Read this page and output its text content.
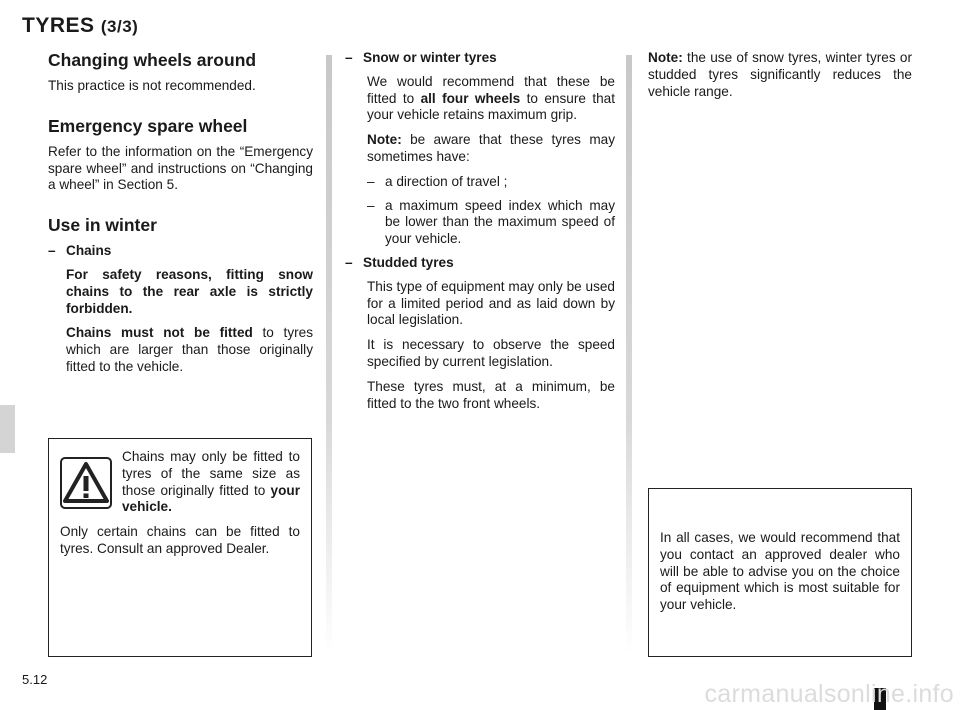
TYRES (3/3)
Changing wheels around

This practice is not recommended.

Emergency spare wheel

Refer to the information on the “Emergency spare wheel” and instructions on “Changing a wheel” in Section 5.

Use in winter
– Chains

For safety reasons, fitting snow chains to the rear axle is strictly forbidden.

Chains must not be fitted to tyres which are larger than those originally fitted to the vehicle.

– Snow or winter tyres

We would recommend that these be fitted to all four wheels to ensure that your vehicle retains maximum grip.

Note: be aware that these tyres may sometimes have:

– a direction of travel ;
– a maximum speed index which may be lower than the maximum speed of your vehicle.
– Studded tyres

This type of equipment may only be used for a limited period and as laid down by local legislation.

It is necessary to observe the speed specified by current legislation.

These tyres must, at a minimum, be fitted to the two front wheels.

Note: the use of snow tyres, winter tyres or studded tyres significantly reduces the vehicle range.

Chains may only be fitted to tyres of the same size as those originally fitted to your vehicle.

Only certain chains can be fitted to tyres. Consult an approved Dealer.

In all cases, we would recommend that you contact an approved dealer who will be able to advise you on the choice of equipment which is most suitable for your vehicle.

5.12
carmanualsonline.info
